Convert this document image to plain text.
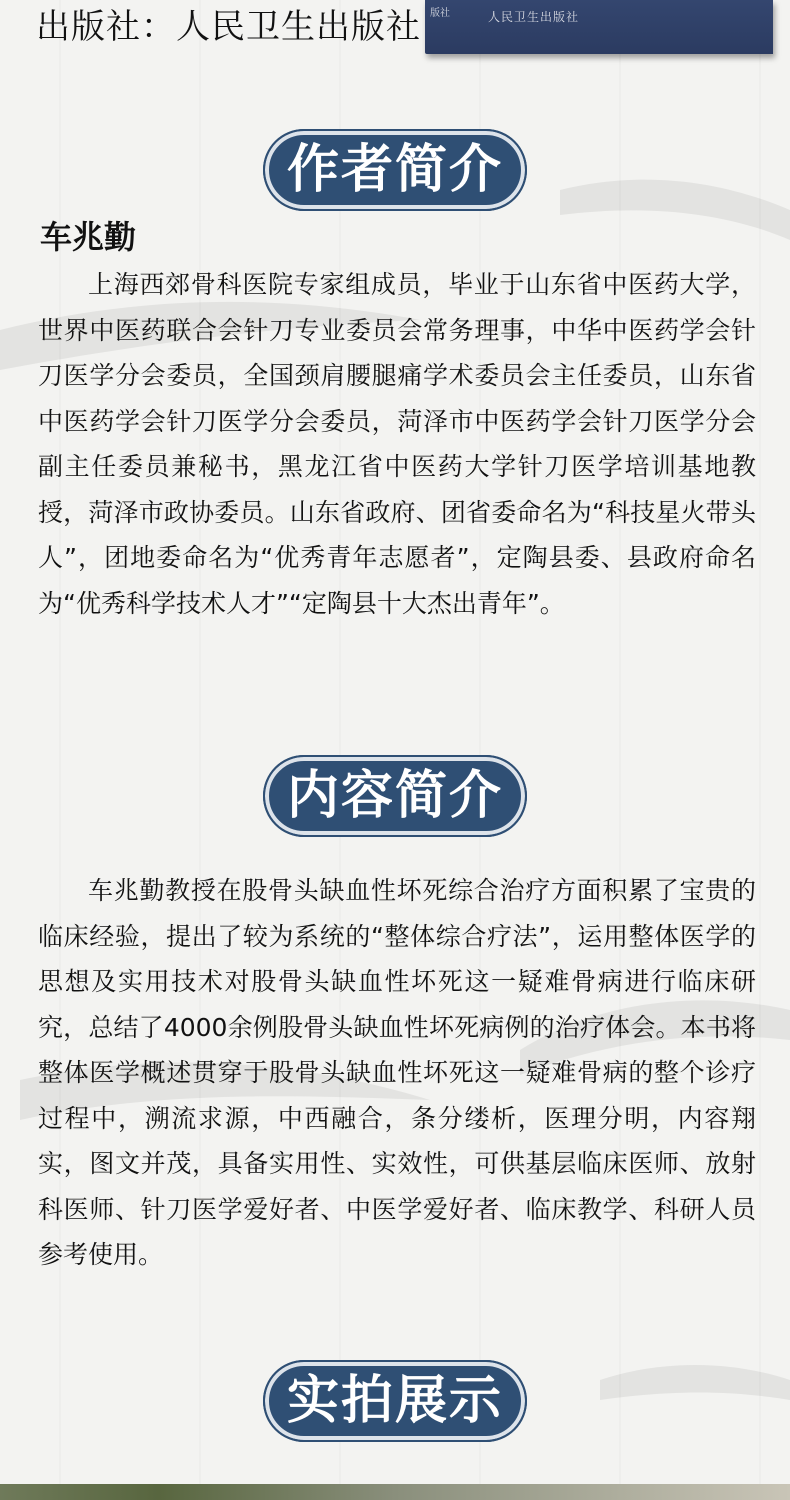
出版社：人民卫生出版社 版社	人民卫生出版社
作者简介
车兆勤
上海西郊骨科医院专家组成员，毕业于山东省中医药大学，世界中医药联合会针刀专业委员会常务理事，中华中医药学会针刀医学分会委员，全国颈肩腰腿痛学术委员会主任委员，山东省中医药学会针刀医学分会委员，菏泽市中医药学会针刀医学分会副主任委员兼秘书，黑龙江省中医药大学针刀医学培训基地教授，菏泽市政协委员。山东省政府、团省委命名为“科技星火带头人”，团地委命名为“优秀青年志愿者”，定陶县委、县政府命名为“优秀科学技术人才”“定陶县十大杰出青年”。
内容简介
车兆勤教授在股骨头缺血性坏死综合治疗方面积累了宝贵的临床经验，提出了较为系统的“整体综合疗法”，运用整体医学的思想及实用技术对股骨头缺血性坏死这一疑难骨病进行临床研究，总结了4000余例股骨头缺血性坏死病例的治疗体会。本书将整体医学概述贯穿于股骨头缺血性坏死这一疑难骨病的整个诊疗过程中，溯流求源，中西融合，条分缕析，医理分明，内容翔实，图文并茂，具备实用性、实效性，可供基层临床医师、放射科医师、针刀医学爱好者、中医学爱好者、临床教学、科研人员参考使用。
实拍展示
